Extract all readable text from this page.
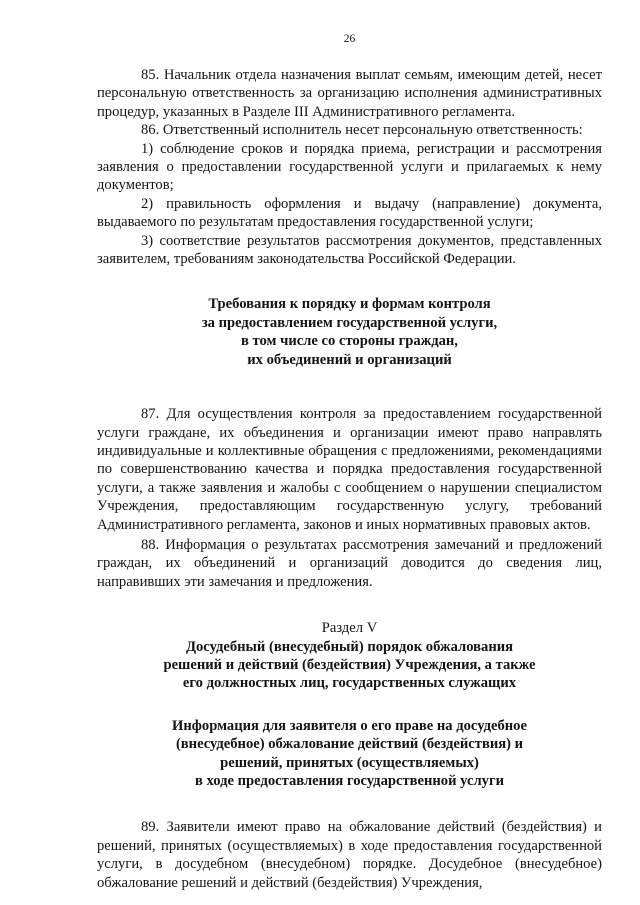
26

85. Начальник отдела назначения выплат семьям, имеющим детей, несет персональную ответственность за организацию исполнения административных процедур, указанных в Разделе III Административного регламента.

86. Ответственный исполнитель несет персональную ответственность:

1) соблюдение сроков и порядка приема, регистрации и рассмотрения заявления о предоставлении государственной услуги и прилагаемых к нему документов;

2) правильность оформления и выдачу (направление) документа, выдаваемого по результатам предоставления государственной услуги;

3) соответствие результатов рассмотрения документов, представленных заявителем, требованиям законодательства Российской Федерации.

Требования к порядку и формам контроля
за предоставлением государственной услуги,
в том числе со стороны граждан,
их объединений и организаций

87. Для осуществления контроля за предоставлением государственной услуги граждане, их объединения и организации имеют право направлять индивидуальные и коллективные обращения с предложениями, рекомендациями по совершенствованию качества и порядка предоставления государственной услуги, а также заявления и жалобы с сообщением о нарушении специалистом Учреждения, предоставляющим государственную услугу, требований Административного регламента, законов и иных нормативных правовых актов.

88. Информация о результатах рассмотрения замечаний и предложений граждан, их объединений и организаций доводится до сведения лиц, направивших эти замечания и предложения.

Раздел V
Досудебный (внесудебный) порядок обжалования
решений и действий (бездействия) Учреждения, а также
его должностных лиц, государственных служащих
Информация для заявителя о его праве на досудебное
(внесудебное) обжалование действий (бездействия) и
решений, принятых (осуществляемых)
в ходе предоставления государственной услуги

89. Заявители имеют право на обжалование действий (бездействия) и решений, принятых (осуществляемых) в ходе предоставления государственной услуги, в досудебном (внесудебном) порядке. Досудебное (внесудебное) обжалование решений и действий (бездействия) Учреждения,
